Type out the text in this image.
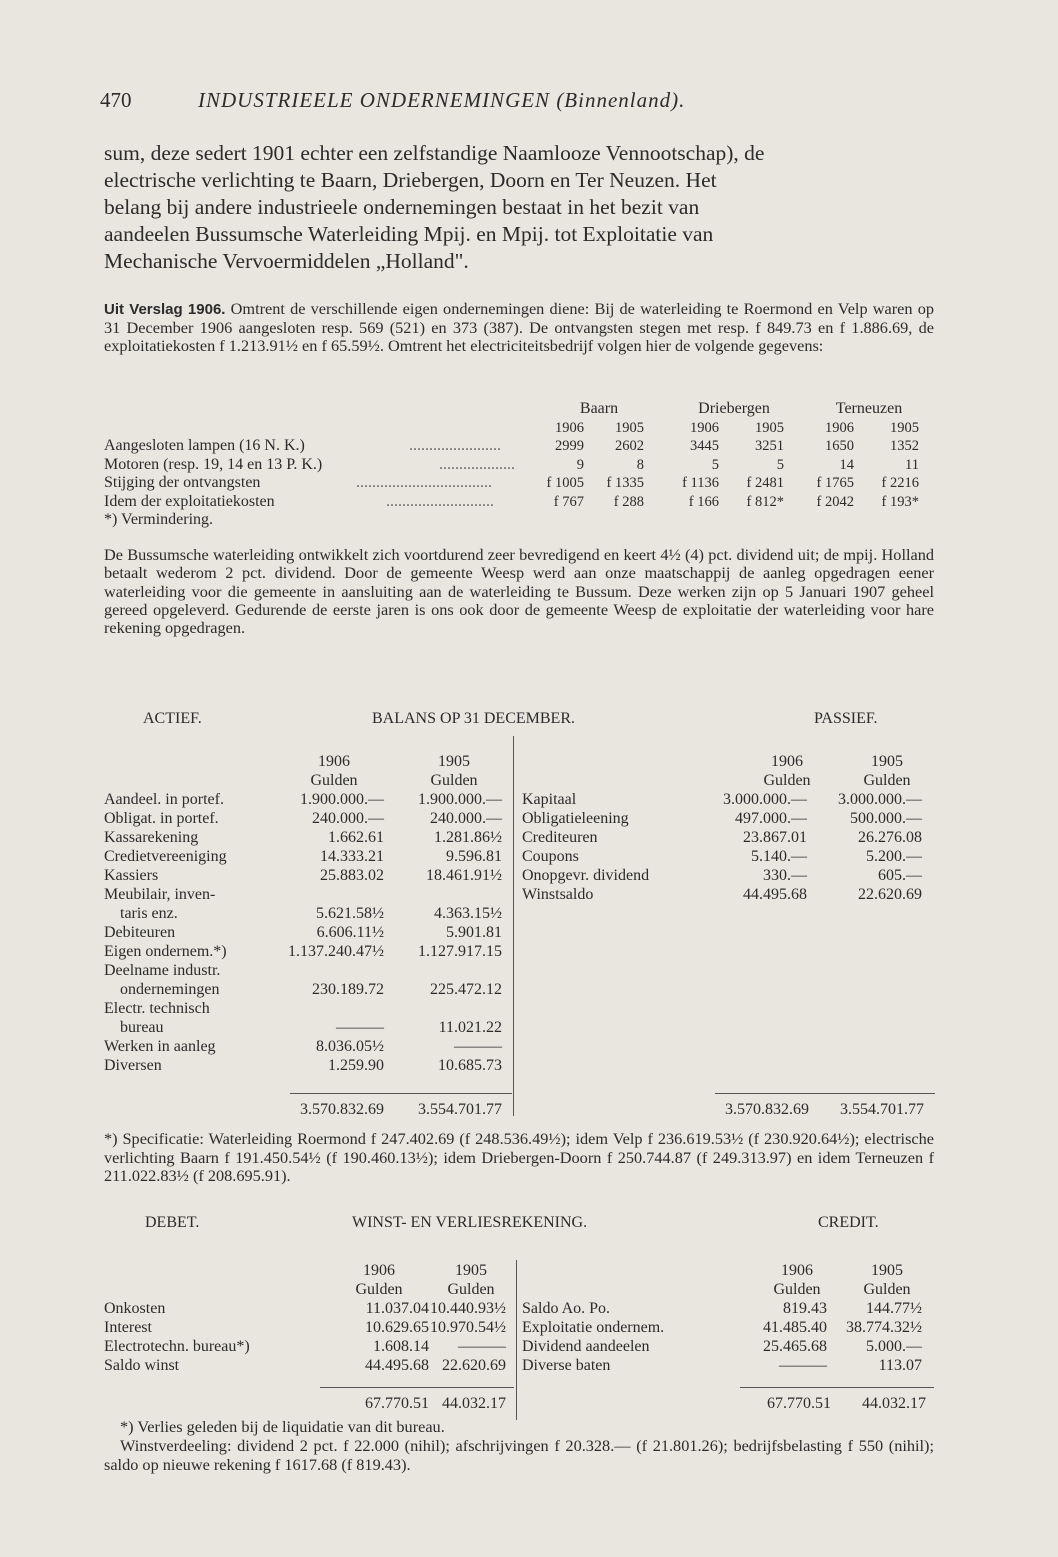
470	INDUSTRIEELE ONDERNEMINGEN (Binnenland).
sum, deze sedert 1901 echter een zelfstandige Naamlooze Vennootschap), de
electrische verlichting te Baarn, Driebergen, Doorn en Ter Neuzen. Het
belang bij andere industrieele ondernemingen bestaat in het bezit van
aandeelen Bussumsche Waterleiding Mpij. en Mpij. tot Exploitatie van
Mechanische Vervoermiddelen „Holland".
Uit Verslag 1906. Omtrent de verschillende eigen ondernemingen diene: Bij de waterleiding te Roermond en Velp waren op 31 December 1906 aangesloten resp. 569 (521) en 373 (387). De ontvangsten stegen met resp. f 849.73 en f 1.886.69, de exploitatiekosten f 1.213.91½ en f 65.59½. Omtrent het electriciteitsbedrijf volgen hier de volgende gegevens:
Baarn	Driebergen	Terneuzen
1906	1905	1906	1905	1906	1905
Aangesloten lampen (16 N. K.)	.......................	2999	2602	3445	3251	1650	1352
Motoren (resp. 19, 14 en 13 P. K.)	...................	9	8	5	5	14	11
Stijging der ontvangsten	..................................	f 1005	f 1335	f 1136	f 2481	f 1765	f 2216
Idem der exploitatiekosten	...........................	f 767	f 288	f 166	f 812*	f 2042	f 193*
*) Vermindering.
De Bussumsche waterleiding ontwikkelt zich voortdurend zeer bevredigend en keert 4½ (4) pct. dividend uit; de mpij. Holland betaalt wederom 2 pct. dividend. Door de gemeente Weesp werd aan onze maatschappij de aanleg opgedragen eener waterleiding voor die gemeente in aansluiting aan de waterleiding te Bussum. Deze werken zijn op 5 Januari 1907 geheel gereed opgeleverd. Gedurende de eerste jaren is ons ook door de gemeente Weesp de exploitatie der waterleiding voor hare rekening opgedragen.
ACTIEF.	BALANS OP 31 DECEMBER.	PASSIEF.
1906	1905
Gulden	Gulden
Aandeel. in portef.	1.900.000.—	1.900.000.—
Obligat. in portef.	240.000.—	240.000.—
Kassarekening	1.662.61	1.281.86½
Credietvereeniging	14.333.21	9.596.81
Kassiers	25.883.02	18.461.91½
Meubilair, inven-
taris enz.	5.621.58½	4.363.15½
Debiteuren	6.606.11½	5.901.81
Eigen ondernem.*)	1.137.240.47½	1.127.917.15
Deelname industr.
ondernemingen	230.189.72	225.472.12
Electr. technisch
bureau	———	11.021.22
Werken in aanleg	8.036.05½	———
Diversen	1.259.90	10.685.73
1906	1905
Gulden	Gulden
Kapitaal	3.000.000.—	3.000.000.—
Obligatieleening	497.000.—	500.000.—
Crediteuren	23.867.01	26.276.08
Coupons	5.140.—	5.200.—
Onopgevr. dividend	330.—	605.—
Winstsaldo	44.495.68	22.620.69
3.570.832.69	3.554.701.77	3.570.832.69	3.554.701.77
*) Specificatie: Waterleiding Roermond f 247.402.69 (f 248.536.49½); idem Velp f 236.619.53½ (f 230.920.64½); electrische verlichting Baarn f 191.450.54½ (f 190.460.13½); idem Driebergen-Doorn f 250.744.87 (f 249.313.97) en idem Terneuzen f 211.022.83½ (f 208.695.91).
DEBET.	WINST- EN VERLIESREKENING.	CREDIT.
1906	1905
Gulden	Gulden
Onkosten	11.037.04 10.440.93½
Interest	10.629.65 10.970.54½
Electrotechn. bureau*)	1.608.14	———
Saldo winst	44.495.68 22.620.69
1906	1905
Gulden	Gulden
Saldo Ao. Po.	819.43	144.77½
Exploitatie ondernem.	41.485.40	38.774.32½
Dividend aandeelen	25.465.68	5.000.—
Diverse baten	———	113.07
67.770.51 44.032.17	67.770.51	44.032.17
*) Verlies geleden bij de liquidatie van dit bureau.
Winstverdeeling: dividend 2 pct. f 22.000 (nihil); afschrijvingen f 20.328.— (f 21.801.26); bedrijfsbelasting f 550 (nihil); saldo op nieuwe rekening f 1617.68 (f 819.43).
